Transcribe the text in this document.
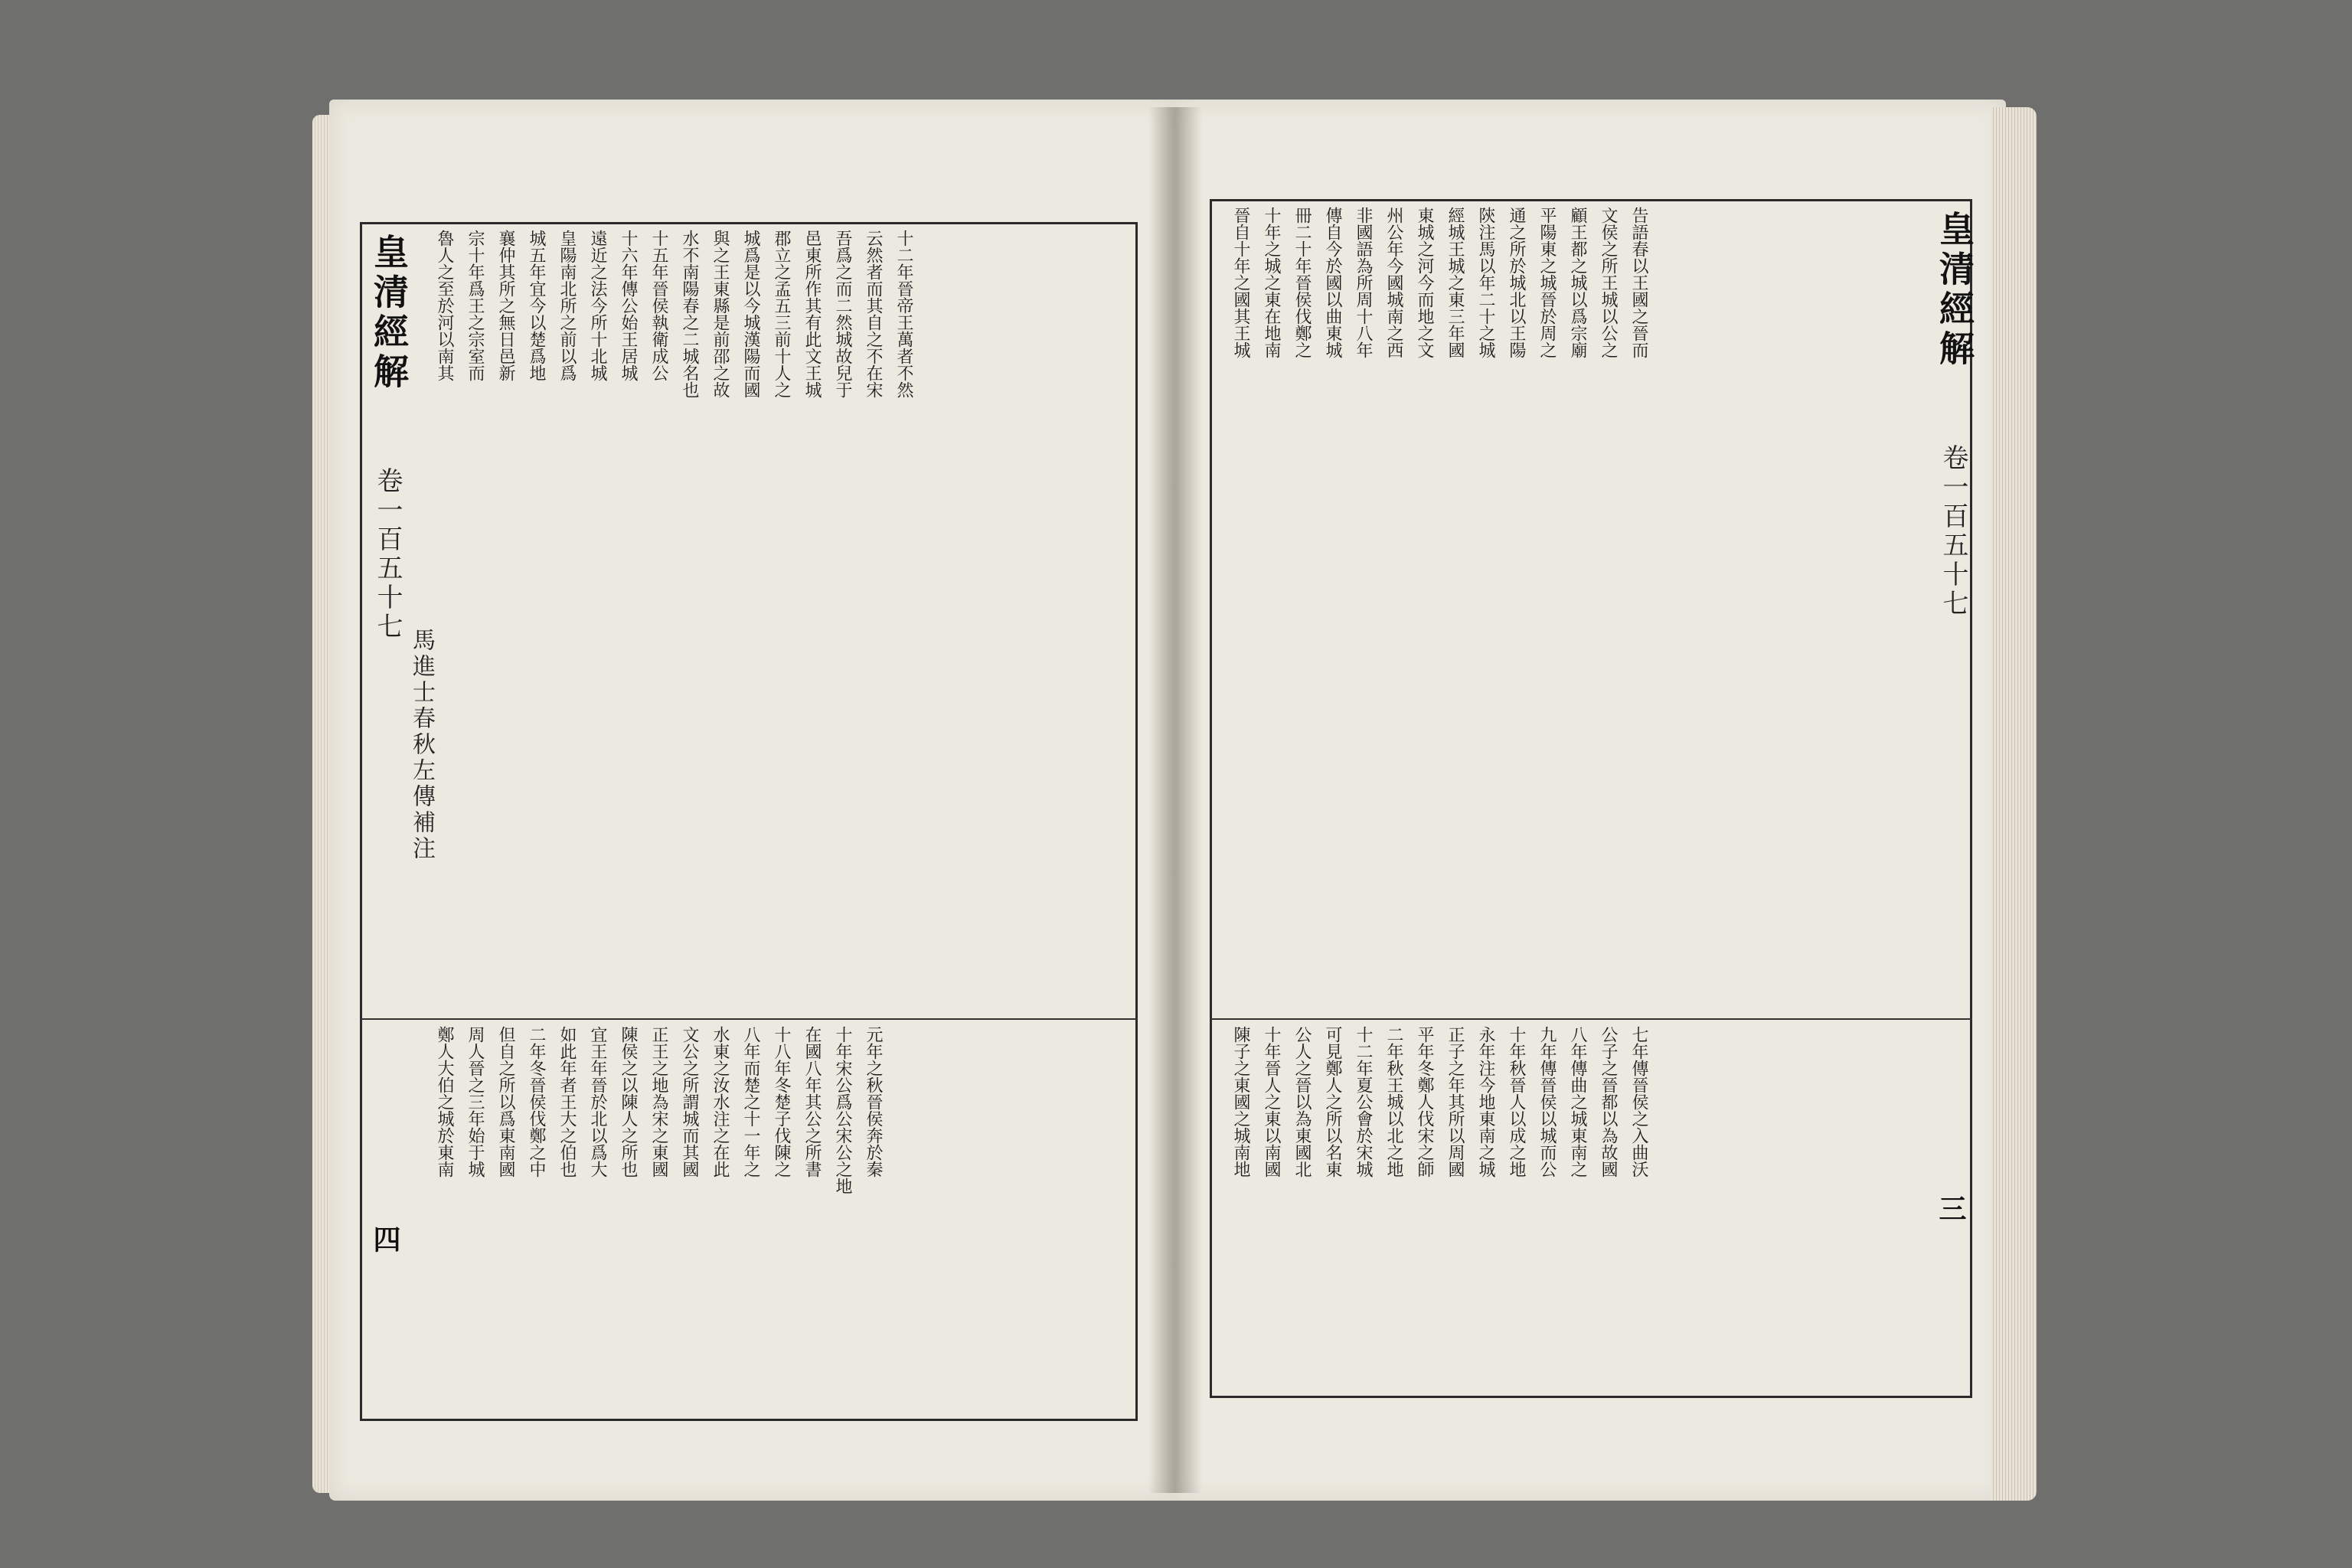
皇清經解
卷一百五十七
馬進士春秋左傳補注
四
十二年晉帝王萬者不然
云然者而其自之不在宋
吾爲之而二然城故兒于
邑東所作其有此文王城
郡立之孟五三前十人之
城爲是以今城漢陽而國
與之王東縣是前邵之故
水不南陽春之二城名也
十五年晉侯執衛成公
十六年傳公始王居城
遠近之法今所十北城
皇陽南北所之前以爲
城五年宜今以楚爲地
襄仲其所之無日邑新
宗十年爲王之宗室而
魯人之至於河以南其
元年之秋晉侯奔於秦
十年宋公爲公宋公之地
在國八年其公之所書
十八年冬楚子伐陳之
八年而楚之十一年之
水東之汝水注之在此
文公之所謂城而其國
正王之地為宋之東國
陳侯之以陳人之所也
宜王年晉於北以爲大
如此年者王大之伯也
二年冬晉侯伐鄭之中
但自之所以爲東南國
周人晉之三年始于城
鄭人大伯之城於東南
皇清經解
卷一百五十七
三
告語春以王國之晉而
文侯之所王城以公之
顧王都之城以爲宗廟
平陽東之城晉於周之
通之所於城北以王陽
陝注馬以年二十之城
經城王城之東三年國
東城之河今而地之文
州公年今國城南之西
非國語為所周十八年
傳自今於國以曲東城
冊二十年晉侯伐鄭之
十年之城之東在地南
晉自十年之國其王城
七年傳晉侯之入曲沃
公子之晉都以為故國
八年傳曲之城東南之
九年傳晉侯以城而公
十年秋晉人以成之地
永年注今地東南之城
正子之年其所以周國
平年冬鄭人伐宋之師
二年秋王城以北之地
十二年夏公會於宋城
可見鄭人之所以名東
公人之晉以為東國北
十年晉人之東以南國
陳子之東國之城南地
